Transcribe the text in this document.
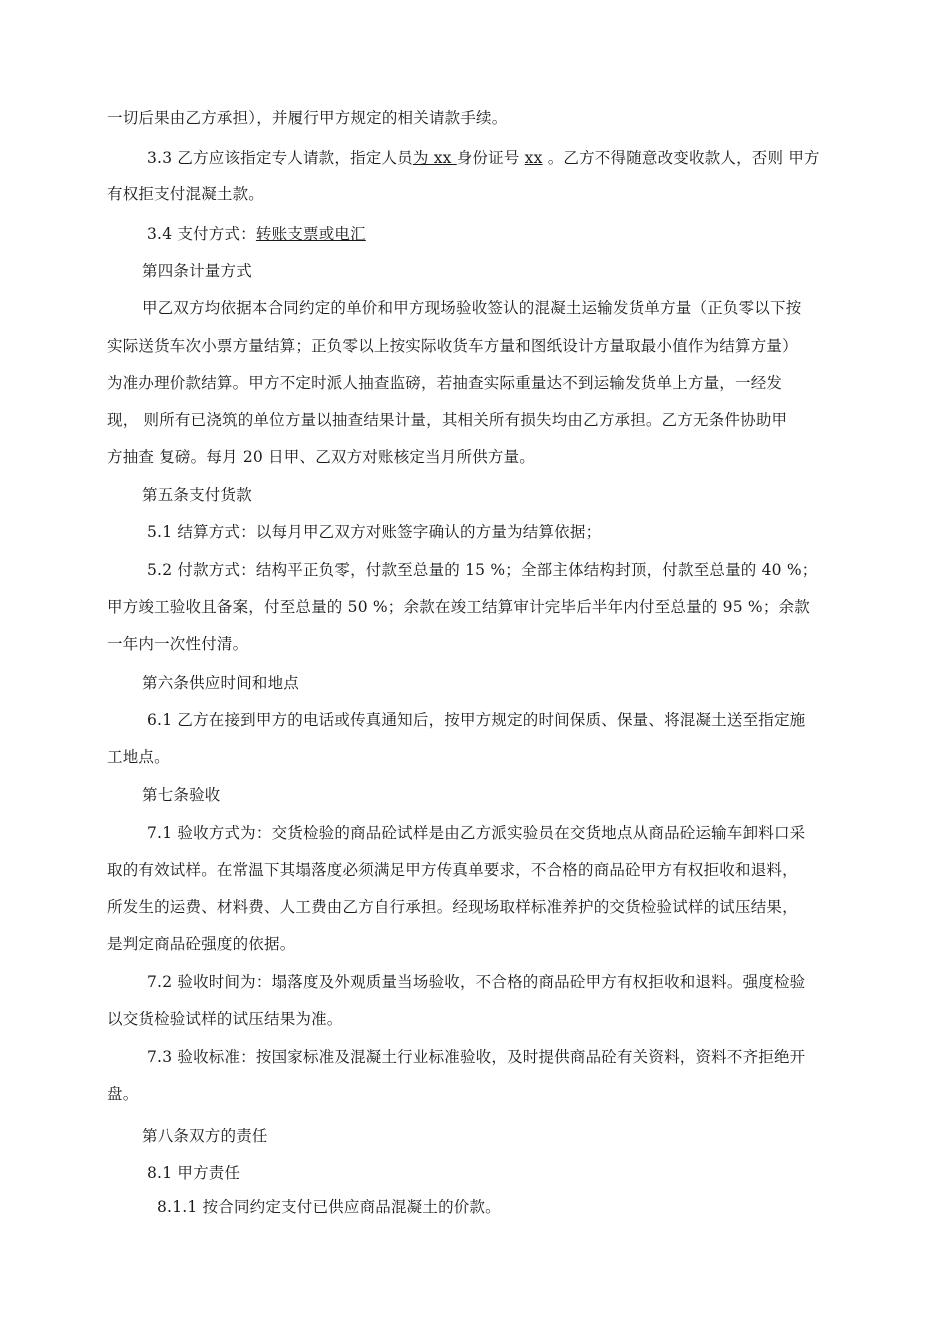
一切后果由乙方承担），并履行甲方规定的相关请款手续。
3.3 乙方应该指定专人请款，指定人员为 xx 身份证号 xx 。乙方不得随意改变收款人，否则 甲方
有权拒支付混凝土款。
3.4 支付方式：转账支票或电汇
第四条计量方式
甲乙双方均依据本合同约定的单价和甲方现场验收签认的混凝土运输发货单方量（正负零以下按
实际送货车次小票方量结算；正负零以上按实际收货车方量和图纸设计方量取最小值作为结算方量）
为准办理价款结算。甲方不定时派人抽查监磅，若抽查实际重量达不到运输发货单上方量，一经发
现， 则所有已浇筑的单位方量以抽查结果计量，其相关所有损失均由乙方承担。乙方无条件协助甲
方抽查 复磅。每月 20 日甲、乙双方对账核定当月所供方量。
第五条支付货款
5.1 结算方式：以每月甲乙双方对账签字确认的方量为结算依据；
5.2 付款方式：结构平正负零，付款至总量的 15 %；全部主体结构封顶，付款至总量的 40 %；
甲方竣工验收且备案，付至总量的 50 %；余款在竣工结算审计完毕后半年内付至总量的 95 %；余款
一年内一次性付清。
第六条供应时间和地点
6.1 乙方在接到甲方的电话或传真通知后，按甲方规定的时间保质、保量、将混凝土送至指定施
工地点。
第七条验收
7.1 验收方式为：交货检验的商品砼试样是由乙方派实验员在交货地点从商品砼运输车卸料口采
取的有效试样。在常温下其塌落度必须满足甲方传真单要求，不合格的商品砼甲方有权拒收和退料，
所发生的运费、材料费、人工费由乙方自行承担。经现场取样标准养护的交货检验试样的试压结果，
是判定商品砼强度的依据。
7.2 验收时间为：塌落度及外观质量当场验收，不合格的商品砼甲方有权拒收和退料。强度检验
以交货检验试样的试压结果为准。
7.3 验收标准：按国家标准及混凝土行业标准验收，及时提供商品砼有关资料，资料不齐拒绝开
盘。
第八条双方的责任
8.1 甲方责任
8.1.1 按合同约定支付已供应商品混凝土的价款。
